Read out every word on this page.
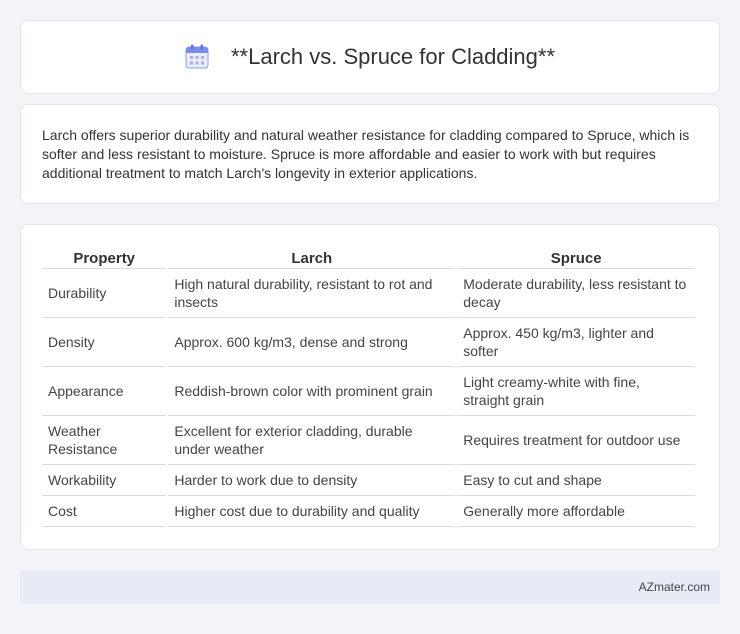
**Larch vs. Spruce for Cladding**

Larch offers superior durability and natural weather resistance for cladding compared to Spruce, which is softer and less resistant to moisture. Spruce is more affordable and easier to work with but requires additional treatment to match Larch's longevity in exterior applications.

Property	Larch	Spruce
Durability	High natural durability, resistant to rot and insects	Moderate durability, less resistant to decay
Density	Approx. 600 kg/m3, dense and strong	Approx. 450 kg/m3, lighter and softer
Appearance	Reddish-brown color with prominent grain	Light creamy-white with fine, straight grain
Weather Resistance	Excellent for exterior cladding, durable under weather	Requires treatment for outdoor use
Workability	Harder to work due to density	Easy to cut and shape
Cost	Higher cost due to durability and quality	Generally more affordable
AZmater.com
